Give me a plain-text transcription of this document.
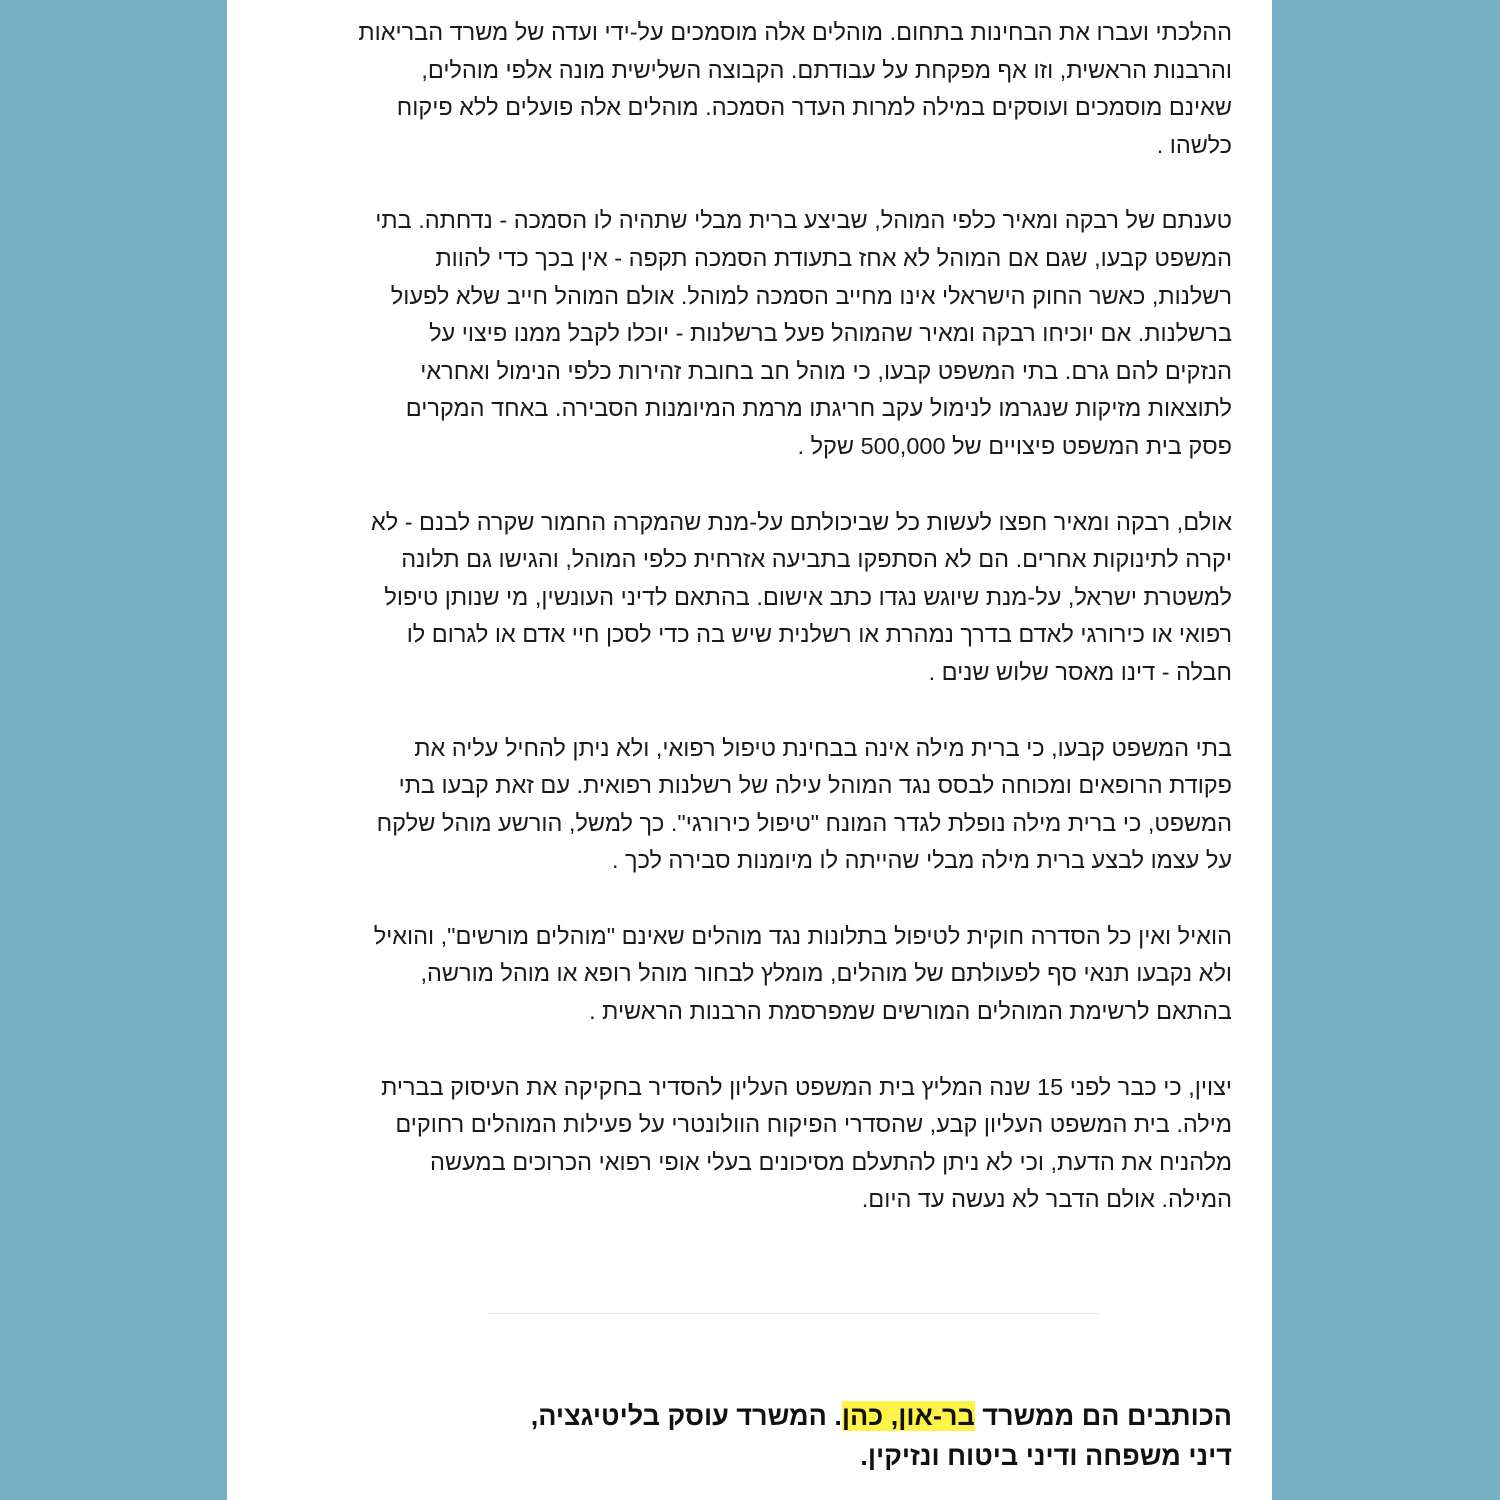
ההלכתי ועברו את הבחינות בתחום. מוהלים אלה מוסמכים על-ידי ועדה של משרד הבריאות
והרבנות הראשית, וזו אף מפקחת על עבודתם. הקבוצה השלישית מונה אלפי מוהלים,
שאינם מוסמכים ועוסקים במילה למרות העדר הסמכה. מוהלים אלה פועלים ללא פיקוח
כלשהו .

טענתם של רבקה ומאיר כלפי המוהל, שביצע ברית מבלי שתהיה לו הסמכה - נדחתה. בתי
המשפט קבעו, שגם אם המוהל לא אחז בתעודת הסמכה תקפה - אין בכך כדי להוות
רשלנות, כאשר החוק הישראלי אינו מחייב הסמכה למוהל. אולם המוהל חייב שלא לפעול
ברשלנות. אם יוכיחו רבקה ומאיר שהמוהל פעל ברשלנות - יוכלו לקבל ממנו פיצוי על
הנזקים להם גרם. בתי המשפט קבעו, כי מוהל חב בחובת זהירות כלפי הנימול ואחראי
לתוצאות מזיקות שנגרמו לנימול עקב חריגתו מרמת המיומנות הסבירה. באחד המקרים
פסק בית המשפט פיצויים של 500,000 שקל .

אולם, רבקה ומאיר חפצו לעשות כל שביכולתם על-מנת שהמקרה החמור שקרה לבנם - לא
יקרה לתינוקות אחרים. הם לא הסתפקו בתביעה אזרחית כלפי המוהל, והגישו גם תלונה
למשטרת ישראל, על-מנת שיוגש נגדו כתב אישום. בהתאם לדיני העונשין, מי שנותן טיפול
רפואי או כירורגי לאדם בדרך נמהרת או רשלנית שיש בה כדי לסכן חיי אדם או לגרום לו
חבלה - דינו מאסר שלוש שנים .

בתי המשפט קבעו, כי ברית מילה אינה בבחינת טיפול רפואי, ולא ניתן להחיל עליה את
פקודת הרופאים ומכוחה לבסס נגד המוהל עילה של רשלנות רפואית. עם זאת קבעו בתי
המשפט, כי ברית מילה נופלת לגדר המונח "טיפול כירורגי". כך למשל, הורשע מוהל שלקח
על עצמו לבצע ברית מילה מבלי שהייתה לו מיומנות סבירה לכך .

הואיל ואין כל הסדרה חוקית לטיפול בתלונות נגד מוהלים שאינם "מוהלים מורשים", והואיל
ולא נקבעו תנאי סף לפעולתם של מוהלים, מומלץ לבחור מוהל רופא או מוהל מורשה,
בהתאם לרשימת המוהלים המורשים שמפרסמת הרבנות הראשית .

יצוין, כי כבר לפני 15 שנה המליץ בית המשפט העליון להסדיר בחקיקה את העיסוק בברית
מילה. בית המשפט העליון קבע, שהסדרי הפיקוח הוולונטרי על פעילות המוהלים רחוקים
מלהניח את הדעת, וכי לא ניתן להתעלם מסיכונים בעלי אופי רפואי הכרוכים במעשה
המילה. אולם הדבר לא נעשה עד היום.

הכותבים הם ממשרד בר-און, כהן. המשרד עוסק בליטיגציה,
דיני משפחה ודיני ביטוח ונזיקין.
